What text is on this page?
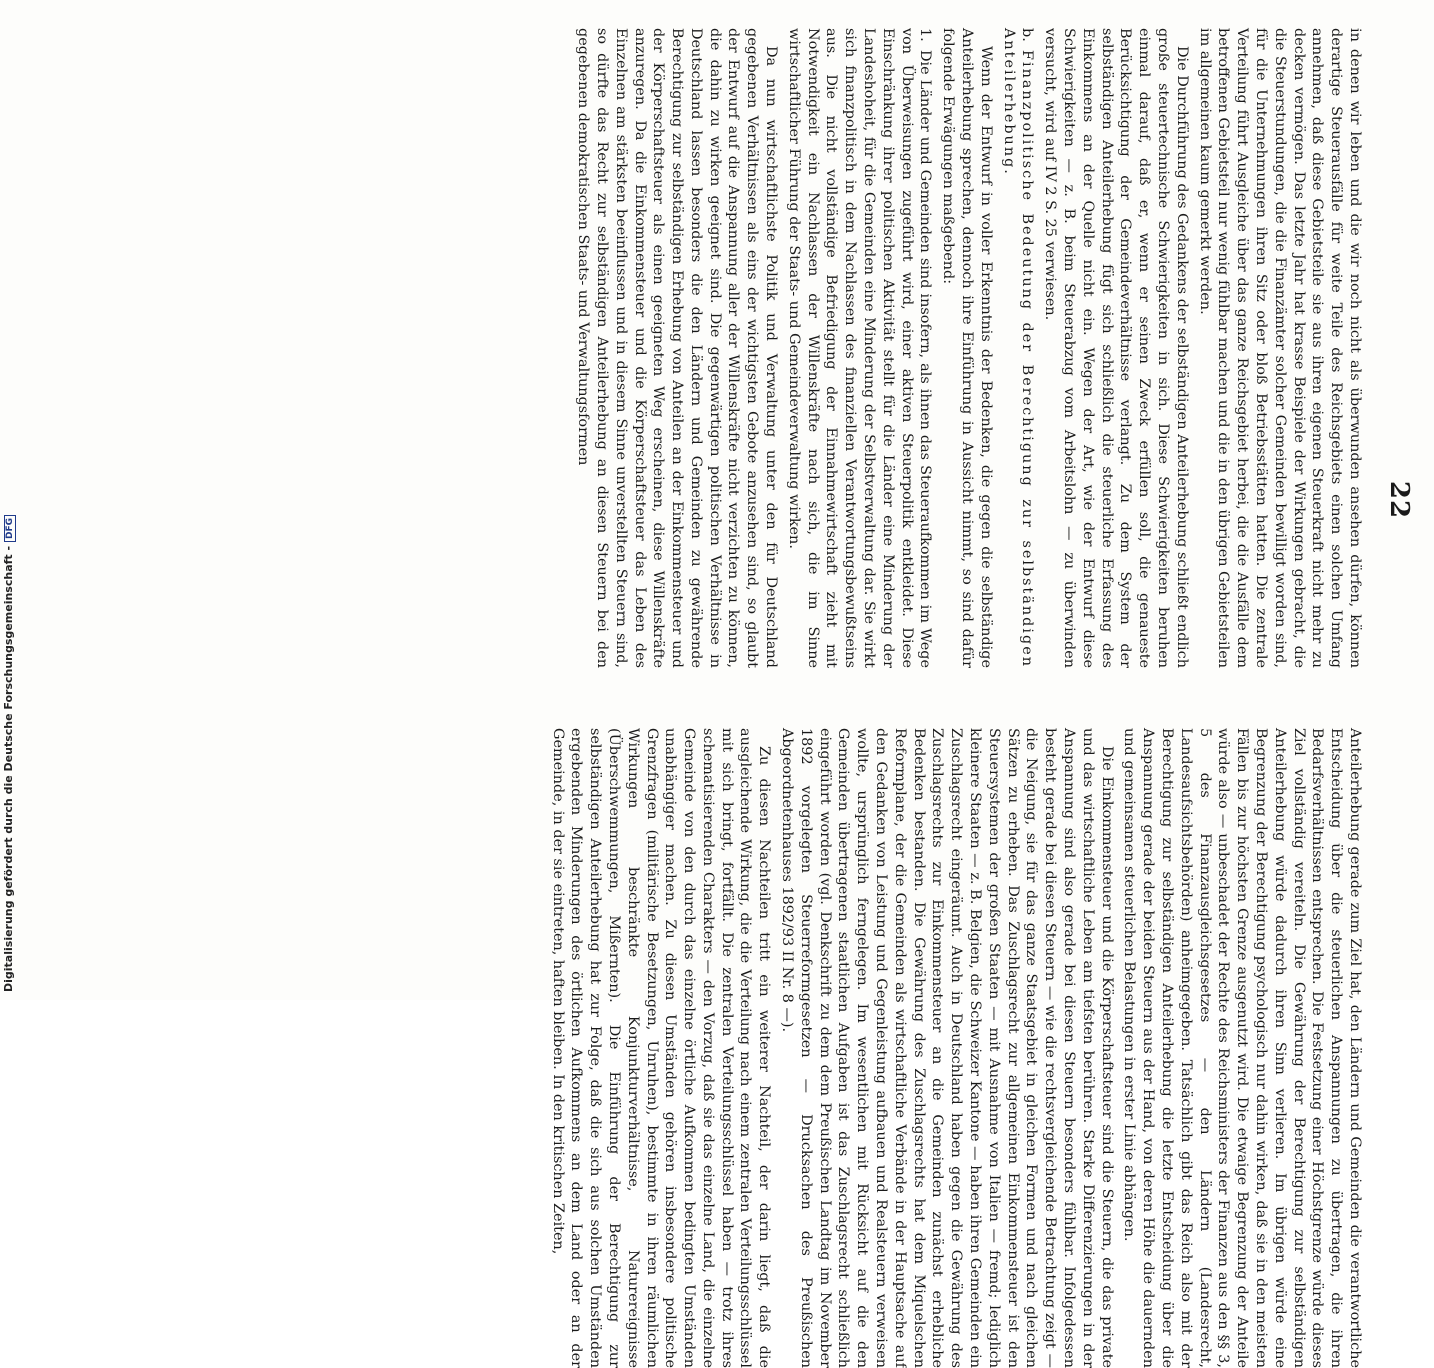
22

Anteilerhebung gerade zum Ziel hat, den Ländern und Gemeinden die verantwortliche Entscheidung über die steuerlichen Anspannungen zu übertragen, die ihren Bedarfsverhältnissen entsprechen. Die Festsetzung einer Höchstgrenze würde dieses Ziel vollständig vereiteln. Die Gewährung der Berechtigung zur selbständigen Anteilerhebung würde dadurch ihren Sinn verlieren. Im übrigen würde eine Begrenzung der Berechtigung psychologisch nur dahin wirken, daß sie in den meisten Fällen bis zur höchsten Grenze ausgenutzt wird. Die etwaige Begrenzung der Anteile würde also — unbeschadet der Rechte des Reichsministers der Finanzen aus den §§ 3, 5 des Finanzausgleichsgesetzes — den Ländern (Landesrecht, Landesaufsichtsbehörden) anheimgegeben. Tatsächlich gibt das Reich also mit der Berechtigung zur selbständigen Anteilerhebung die letzte Entscheidung über die Anspannung gerade der beiden Steuern aus der Hand, von deren Höhe die dauernden und gemeinsamen steuerlichen Belastungen in erster Linie abhängen.

Die Einkommensteuer und die Körperschaftsteuer sind die Steuern, die das private und das wirtschaftliche Leben am tiefsten berühren. Starke Differenzierungen in der Anspannung sind also gerade bei diesen Steuern besonders fühlbar. Infolgedessen besteht gerade bei diesen Steuern — wie die rechtsvergleichende Betrachtung zeigt — die Neigung, sie für das ganze Staatsgebiet in gleichen Formen und nach gleichen Sätzen zu erheben. Das Zuschlagsrecht zur allgemeinen Einkommensteuer ist den Steuersystemen der großen Staaten — mit Ausnahme von Italien — fremd; lediglich kleinere Staaten — z. B. Belgien, die Schweizer Kantone — haben ihren Gemeinden ein Zuschlagsrecht eingeräumt. Auch in Deutschland haben gegen die Gewährung des Zuschlagsrechts zur Einkommensteuer an die Gemeinden zunächst erhebliche Bedenken bestanden. Die Gewährung des Zuschlagsrechts hat dem Miquelschen Reformplane, der die Gemeinden als wirtschaftliche Verbände in der Hauptsache auf den Gedanken von Leistung und Gegenleistung aufbauen und Realsteuern verweisen wollte, ursprünglich ferngelegen. Im wesentlichen mit Rücksicht auf die den Gemeinden übertragenen staatlichen Aufgaben ist das Zuschlagsrecht schließlich eingeführt worden (vgl. Denkschrift zu dem dem Preußischen Landtag im November 1892 vorgelegten Steuerreformgesetzen — Drucksachen des Preußischen Abgeordnetenhauses 1892/93 II Nr. 8 —).

Zu diesen Nachteilen tritt ein weiterer Nachteil, der darin liegt, daß die ausgleichende Wirkung, die die Verteilung nach einem zentralen Verteilungsschlüssel mit sich bringt, fortfällt. Die zentralen Verteilungsschlüssel haben — trotz ihres schematisierenden Charakters — den Vorzug, daß sie das einzelne Land, die einzelne Gemeinde von den durch das einzelne örtliche Aufkommen bedingten Umständen unabhängiger machen. Zu diesen Umständen gehören insbesondere politische Grenzfragen (militärische Besetzungen, Unruhen), bestimmte in ihren räumlichen Wirkungen beschränkte Konjunkturverhältnisse, Naturereignisse (Überschwemmungen, Mißernten). Die Einführung der Berechtigung zur selbständigen Anteilerhebung hat zur Folge, daß die sich aus solchen Umständen ergebenden Minderungen des örtlichen Aufkommens an dem Land oder an der Gemeinde, in der sie eintreten, haften bleiben. In den kritischen Zeiten,

in denen wir leben und die wir noch nicht als überwunden ansehen dürfen, können derartige Steuerausfälle für weite Teile des Reichsgebiets einen solchen Umfang annehmen, daß diese Gebietsteile sie aus ihren eigenen Steuerkraft nicht mehr zu decken vermögen. Das letzte Jahr hat krasse Beispiele der Wirkungen gebracht, die die Steuerstundungen, die die Finanzämter solcher Gemeinden bewilligt worden sind, für die Unternehmungen ihren Sitz oder bloß Betriebsstätten hatten. Die zentrale Verteilung führt Ausgleiche über das ganze Reichsgebiet herbei, die die Ausfälle dem betroffenen Gebietsteil nur wenig fühlbar machen und die in den übrigen Gebietsteilen im allgemeinen kaum gemerkt werden.

Die Durchführung des Gedankens der selbständigen Anteilerhebung schließt endlich große steuertechnische Schwierigkeiten in sich. Diese Schwierigkeiten beruhen einmal darauf, daß er, wenn er seinen Zweck erfüllen soll, die genaueste Berücksichtigung der Gemeindeverhältnisse verlangt. Zu dem System der selbständigen Anteilerhebung fügt sich schließlich die steuerliche Erfassung des Einkommens an der Quelle nicht ein. Wegen der Art, wie der Entwurf diese Schwierigkeiten — z. B. beim Steuerabzug vom Arbeitslohn — zu überwinden versucht, wird auf IV 2 S. 25 verwiesen.

b.Finanzpolitische Bedeutung der Berechtigung zur selbständigen Anteilerhebung.

Wenn der Entwurf in voller Erkenntnis der Bedenken, die gegen die selbständige Anteilerhebung sprechen, dennoch ihre Einführung in Aussicht nimmt, so sind dafür folgende Erwägungen maßgebend:

1.Die Länder und Gemeinden sind insofern, als ihnen das Steueraufkommen im Wege von Überweisungen zugeführt wird, einer aktiven Steuerpolitik entkleidet. Diese Einschränkung ihrer politischen Aktivität stellt für die Länder eine Minderung der Landeshoheit, für die Gemeinden eine Minderung der Selbstverwaltung dar. Sie wirkt sich finanzpolitisch in dem Nachlassen des finanziellen Verantwortungsbewußtseins aus. Die nicht vollständige Befriedigung der Einnahmewirtschaft zieht mit Notwendigkeit ein Nachlassen der Willenskräfte nach sich, die im Sinne wirtschaftlicher Führung der Staats- und Gemeindeverwaltung wirken.

Da nun wirtschaftlichste Politik und Verwaltung unter den für Deutschland gegebenen Verhältnissen als eins der wichtigsten Gebote anzusehen sind, so glaubt der Entwurf auf die Anspannung aller der Willenskräfte nicht verzichten zu können, die dahin zu wirken geeignet sind. Die gegenwärtigen politischen Verhältnisse in Deutschland lassen besonders die den Ländern und Gemeinden zu gewährende Berechtigung zur selbständigen Erhebung von Anteilen an der Einkommensteuer und der Körperschaftsteuer als einen geeigneten Weg erscheinen, diese Willenskräfte anzuregen. Da die Einkommensteuer und die Körperschaftsteuer das Leben des Einzelnen am stärksten beeinflussen und in diesem Sinne unverstellten Steuern sind, so dürfte das Recht zur selbständigen Anteilerhebung an diesen Steuern bei den gegebenen demokratischen Staats- und Verwaltungsformen

Digitalisierung gefördert durch die Deutsche Forschungsgemeinschaft -DFG
